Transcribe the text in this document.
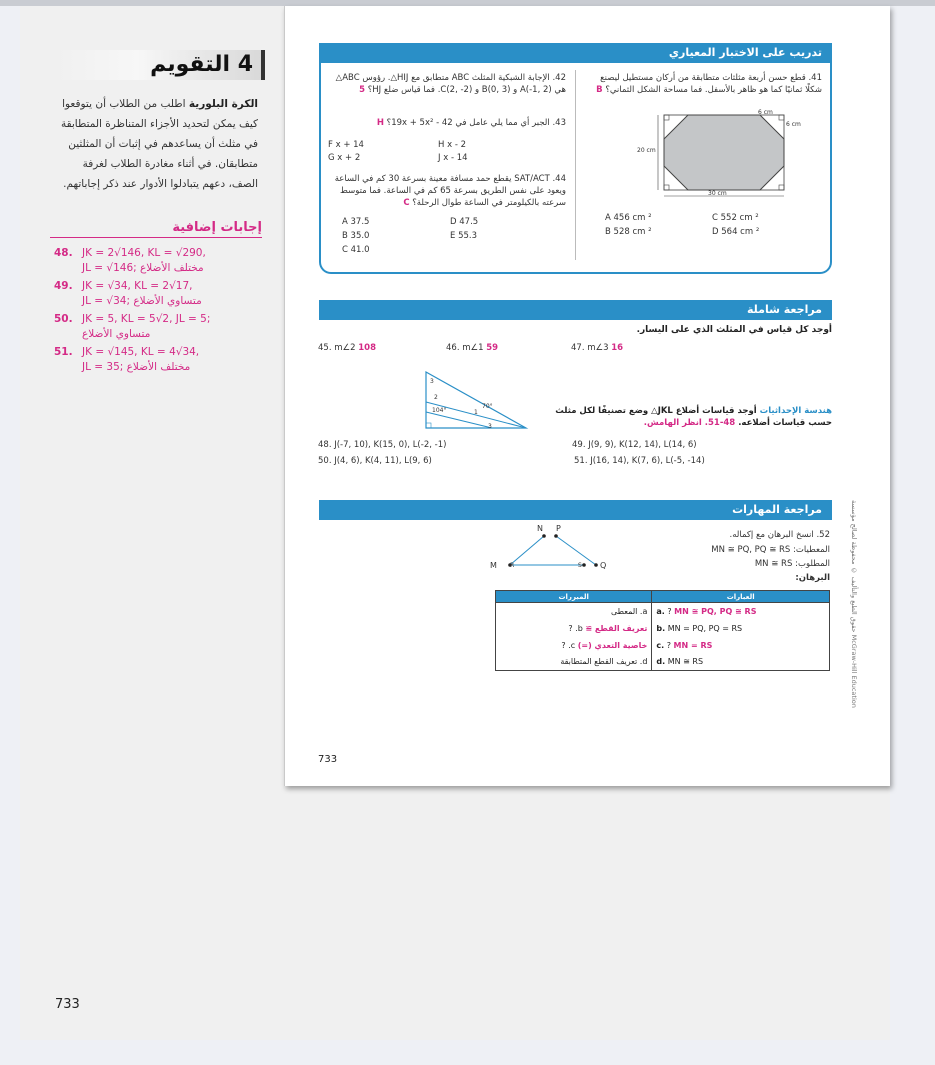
4 التقويم
الكرة البلورية اطلب من الطلاب أن يتوقعوا كيف يمكن لتحديد الأجزاء المتناظرة المتطابقة في مثلث أن يساعدهم في إثبات أن المثلثين متطابقان. في أثناء مغادرة الطلاب لغرفة الصف، دعهم يتبادلوا الأدوار عند ذكر إجاباتهم.
إجابات إضافية
48. JK = 2√146, KL = √290,
JL = √146; مختلف الأضلاع
49. JK = √34, KL = 2√17,
JL = √34; متساوي الأضلاع
50. JK = 5, KL = 5√2, JL = 5;
متساوي الأضلاع
51. JK = √145, KL = 4√34,
JL = 35; مختلف الأضلاع
733
تدريب على الاختبار المعياري
41. قطع حسن أربعة مثلثات متطابقة من أركان مستطيل ليصنع شكلًا ثمانيًا كما هو ظاهر بالأسفل. فما مساحة الشكل الثماني؟ B
6 cm
6 cm
20 cm
30 cm
A 456 cm ²
B 528 cm ²
C 552 cm ²
D 564 cm ²
42. الإجابة الشبكية المثلث ABC متطابق مع HIJ△. رؤوس ABC△ هي A(-1, 2) و B(0, 3) و C(2, -2). فما قياس ضلع HJ؟ 5
43. الجبر أي مما يلي عامل في 42 - 19x + 5x²؟ H
F x + 14
G x + 2
H x - 2
J x - 14
44. SAT/ACT يقطع حمد مسافة معينة بسرعة 30 كم في الساعة ويعود على نفس الطريق بسرعة 65 كم في الساعة. فما متوسط سرعته بالكيلومتر في الساعة طوال الرحلة؟ C
A 37.5
B 35.0
C 41.0
D 47.5
E 55.3
مراجعة شاملة
أوجد كل قياس في المثلث الذي على اليسار.
45. m∠2 108	46. m∠1 59	47. m∠3 16
3
2
104°	1
70°
3
هندسة الإحداثيات أوجد قياسات أضلاع JKL△ وضع تصنيفًا لكل مثلث حسب قياسات أضلاعه. 48-51. انظر الهامش.
48. J(-7, 10), K(15, 0), L(-2, -1)	49. J(9, 9), K(12, 14), L(14, 6)
50. J(4, 6), K(4, 11), L(9, 6)	51. J(16, 14), K(7, 6), L(-5, -14)
مراجعة المهارات
52. انسخ البرهان مع إكماله.
المعطيات: MN ≅ PQ, PQ ≅ RS
المطلوب: MN ≅ RS
البرهان:
N P
M R	S Q
المبررات	العبارات
a. المعطى	a. ? MN ≅ PQ, PQ ≅ RS
تعريف القطع ≅ b. ?	b. MN = PQ, PQ = RS
خاصية التعدي (=) c. ?	c. ? MN = RS
d. تعريف القطع المتطابقة	d. MN ≅ RS
حقوق الطبع والتأليف © محفوظة لصالح مؤسسة McGraw-Hill Education
733
